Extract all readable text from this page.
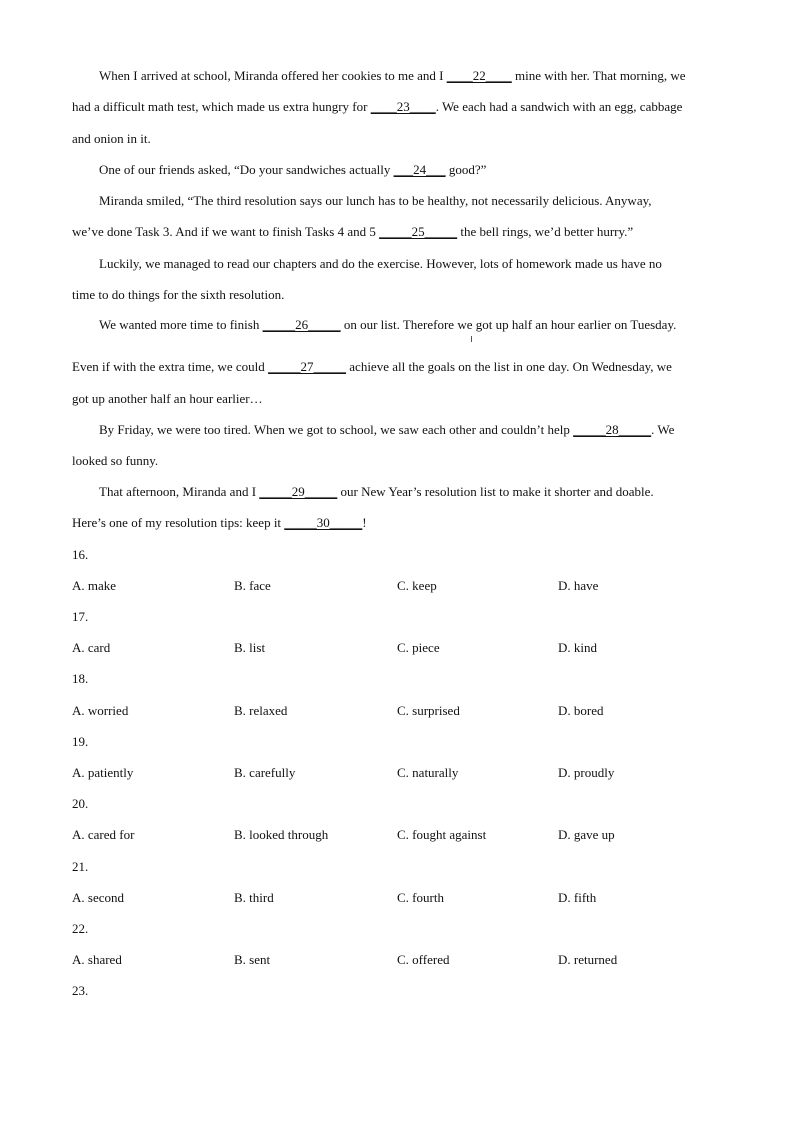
When I arrived at school, Miranda offered her cookies to me and I ____22____ mine with her. That morning, we
had a difficult math test, which made us extra hungry for ____23____. We each had a sandwich with an egg, cabbage
and onion in it.
One of our friends asked, “Do your sandwiches actually ___24___ good?”
Miranda smiled, “The third resolution says our lunch has to be healthy, not necessarily delicious. Anyway,
we’ve done Task 3. And if we want to finish Tasks 4 and 5 _____25_____ the bell rings, we’d better hurry.”
Luckily, we managed to read our chapters and do the exercise. However, lots of homework made us have no
time to do things for the sixth resolution.
We wanted more time to finish _____26_____ on our list. Therefore we got up half an hour earlier on Tuesday.
Even if with the extra time, we could _____27_____ achieve all the goals on the list in one day. On Wednesday, we
got up another half an hour earlier…
By Friday, we were too tired. When we got to school, we saw each other and couldn’t help _____28_____. We
looked so funny.
That afternoon, Miranda and I _____29_____ our New Year’s resolution list to make it shorter and doable.
Here’s one of my resolution tips: keep it _____30_____!
16.
A. make	B. face	C. keep	D. have
17.
A. card	B. list	C. piece	D. kind
18.
A. worried	B. relaxed	C. surprised	D. bored
19.
A. patiently	B. carefully	C. naturally	D. proudly
20.
A. cared for	B. looked through	C. fought against	D. gave up
21.
A. second	B. third	C. fourth	D. fifth
22.
A. shared	B. sent	C. offered	D. returned
23.
